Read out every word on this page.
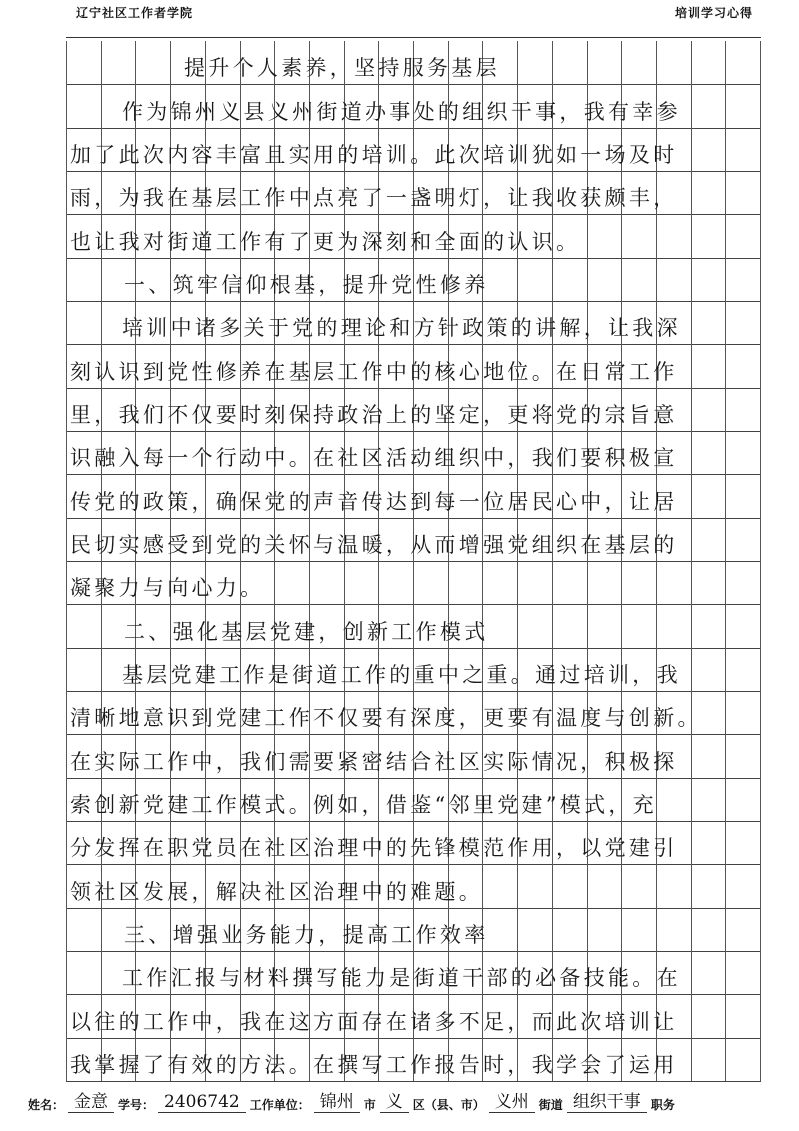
辽宁社区工作者学院	培训学习心得
提升个人素养，坚持服务基层
作为锦州义县义州街道办事处的组织干事，我有幸参
加了此次内容丰富且实用的培训。此次培训犹如一场及时
雨，为我在基层工作中点亮了一盏明灯，让我收获颇丰，
也让我对街道工作有了更为深刻和全面的认识。
一、筑牢信仰根基，提升党性修养
培训中诸多关于党的理论和方针政策的讲解，让我深
刻认识到党性修养在基层工作中的核心地位。在日常工作
里，我们不仅要时刻保持政治上的坚定，更将党的宗旨意
识融入每一个行动中。在社区活动组织中，我们要积极宣
传党的政策，确保党的声音传达到每一位居民心中，让居
民切实感受到党的关怀与温暖，从而增强党组织在基层的
凝聚力与向心力。
二、强化基层党建，创新工作模式
基层党建工作是街道工作的重中之重。通过培训，我
清晰地意识到党建工作不仅要有深度，更要有温度与创新。
在实际工作中，我们需要紧密结合社区实际情况，积极探
索创新党建工作模式。例如，借鉴“邻里党建”模式，充
分发挥在职党员在社区治理中的先锋模范作用，以党建引
领社区发展，解决社区治理中的难题。
三、增强业务能力，提高工作效率
工作汇报与材料撰写能力是街道干部的必备技能。在
以往的工作中，我在这方面存在诸多不足，而此次培训让
我掌握了有效的方法。在撰写工作报告时，我学会了运用
姓名： 金意 学号： 2406742 工作单位： 锦州 市 义 区（县、市） 义州 街道 组织干事 职务
